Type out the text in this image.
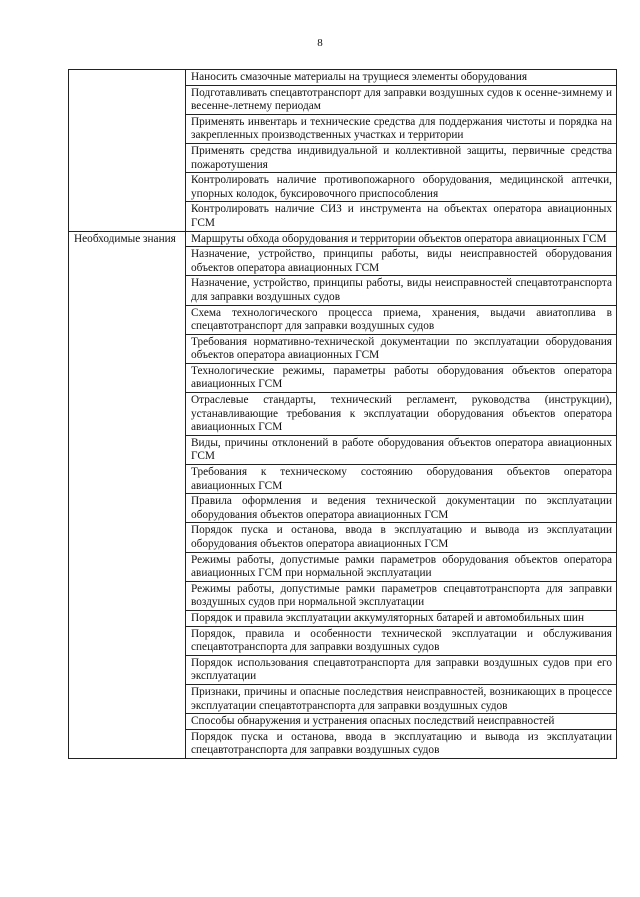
8
	Наносить смазочные материалы на трущиеся элементы оборудования
	Подготавливать спецавтотранспорт для заправки воздушных судов к осенне-зимнему и весенне-летнему периодам
	Применять инвентарь и технические средства для поддержания чистоты и порядка на закрепленных производственных участках и территории
	Применять средства индивидуальной и коллективной защиты, первичные средства пожаротушения
	Контролировать наличие противопожарного оборудования, медицинской аптечки, упорных колодок, буксировочного приспособления
	Контролировать наличие СИЗ и инструмента на объектах оператора авиационных ГСМ
Необходимые знания	Маршруты обхода оборудования и территории объектов оператора авиационных ГСМ
	Назначение, устройство, принципы работы, виды неисправностей оборудования объектов оператора авиационных ГСМ
	Назначение, устройство, принципы работы, виды неисправностей спецавтотранспорта для заправки воздушных судов
	Схема технологического процесса приема, хранения, выдачи авиатоплива в спецавтотранспорт для заправки воздушных судов
	Требования нормативно-технической документации по эксплуатации оборудования объектов оператора авиационных ГСМ
	Технологические режимы, параметры работы оборудования объектов оператора авиационных ГСМ
	Отраслевые стандарты, технический регламент, руководства (инструкции), устанавливающие требования к эксплуатации оборудования объектов оператора авиационных ГСМ
	Виды, причины отклонений в работе оборудования объектов оператора авиационных ГСМ
	Требования к техническому состоянию оборудования объектов оператора авиационных ГСМ
	Правила оформления и ведения технической документации по эксплуатации оборудования объектов оператора авиационных ГСМ
	Порядок пуска и останова, ввода в эксплуатацию и вывода из эксплуатации оборудования объектов оператора авиационных ГСМ
	Режимы работы, допустимые рамки параметров оборудования объектов оператора авиационных ГСМ при нормальной эксплуатации
	Режимы работы, допустимые рамки параметров спецавтотранспорта для заправки воздушных судов при нормальной эксплуатации
	Порядок и правила эксплуатации аккумуляторных батарей и автомобильных шин
	Порядок, правила и особенности технической эксплуатации и обслуживания спецавтотранспорта для заправки воздушных судов
	Порядок использования спецавтотранспорта для заправки воздушных судов при его эксплуатации
	Признаки, причины и опасные последствия неисправностей, возникающих в процессе эксплуатации спецавтотранспорта для заправки воздушных судов
	Способы обнаружения и устранения опасных последствий неисправностей
	Порядок пуска и останова, ввода в эксплуатацию и вывода из эксплуатации спецавтотранспорта для заправки воздушных судов
